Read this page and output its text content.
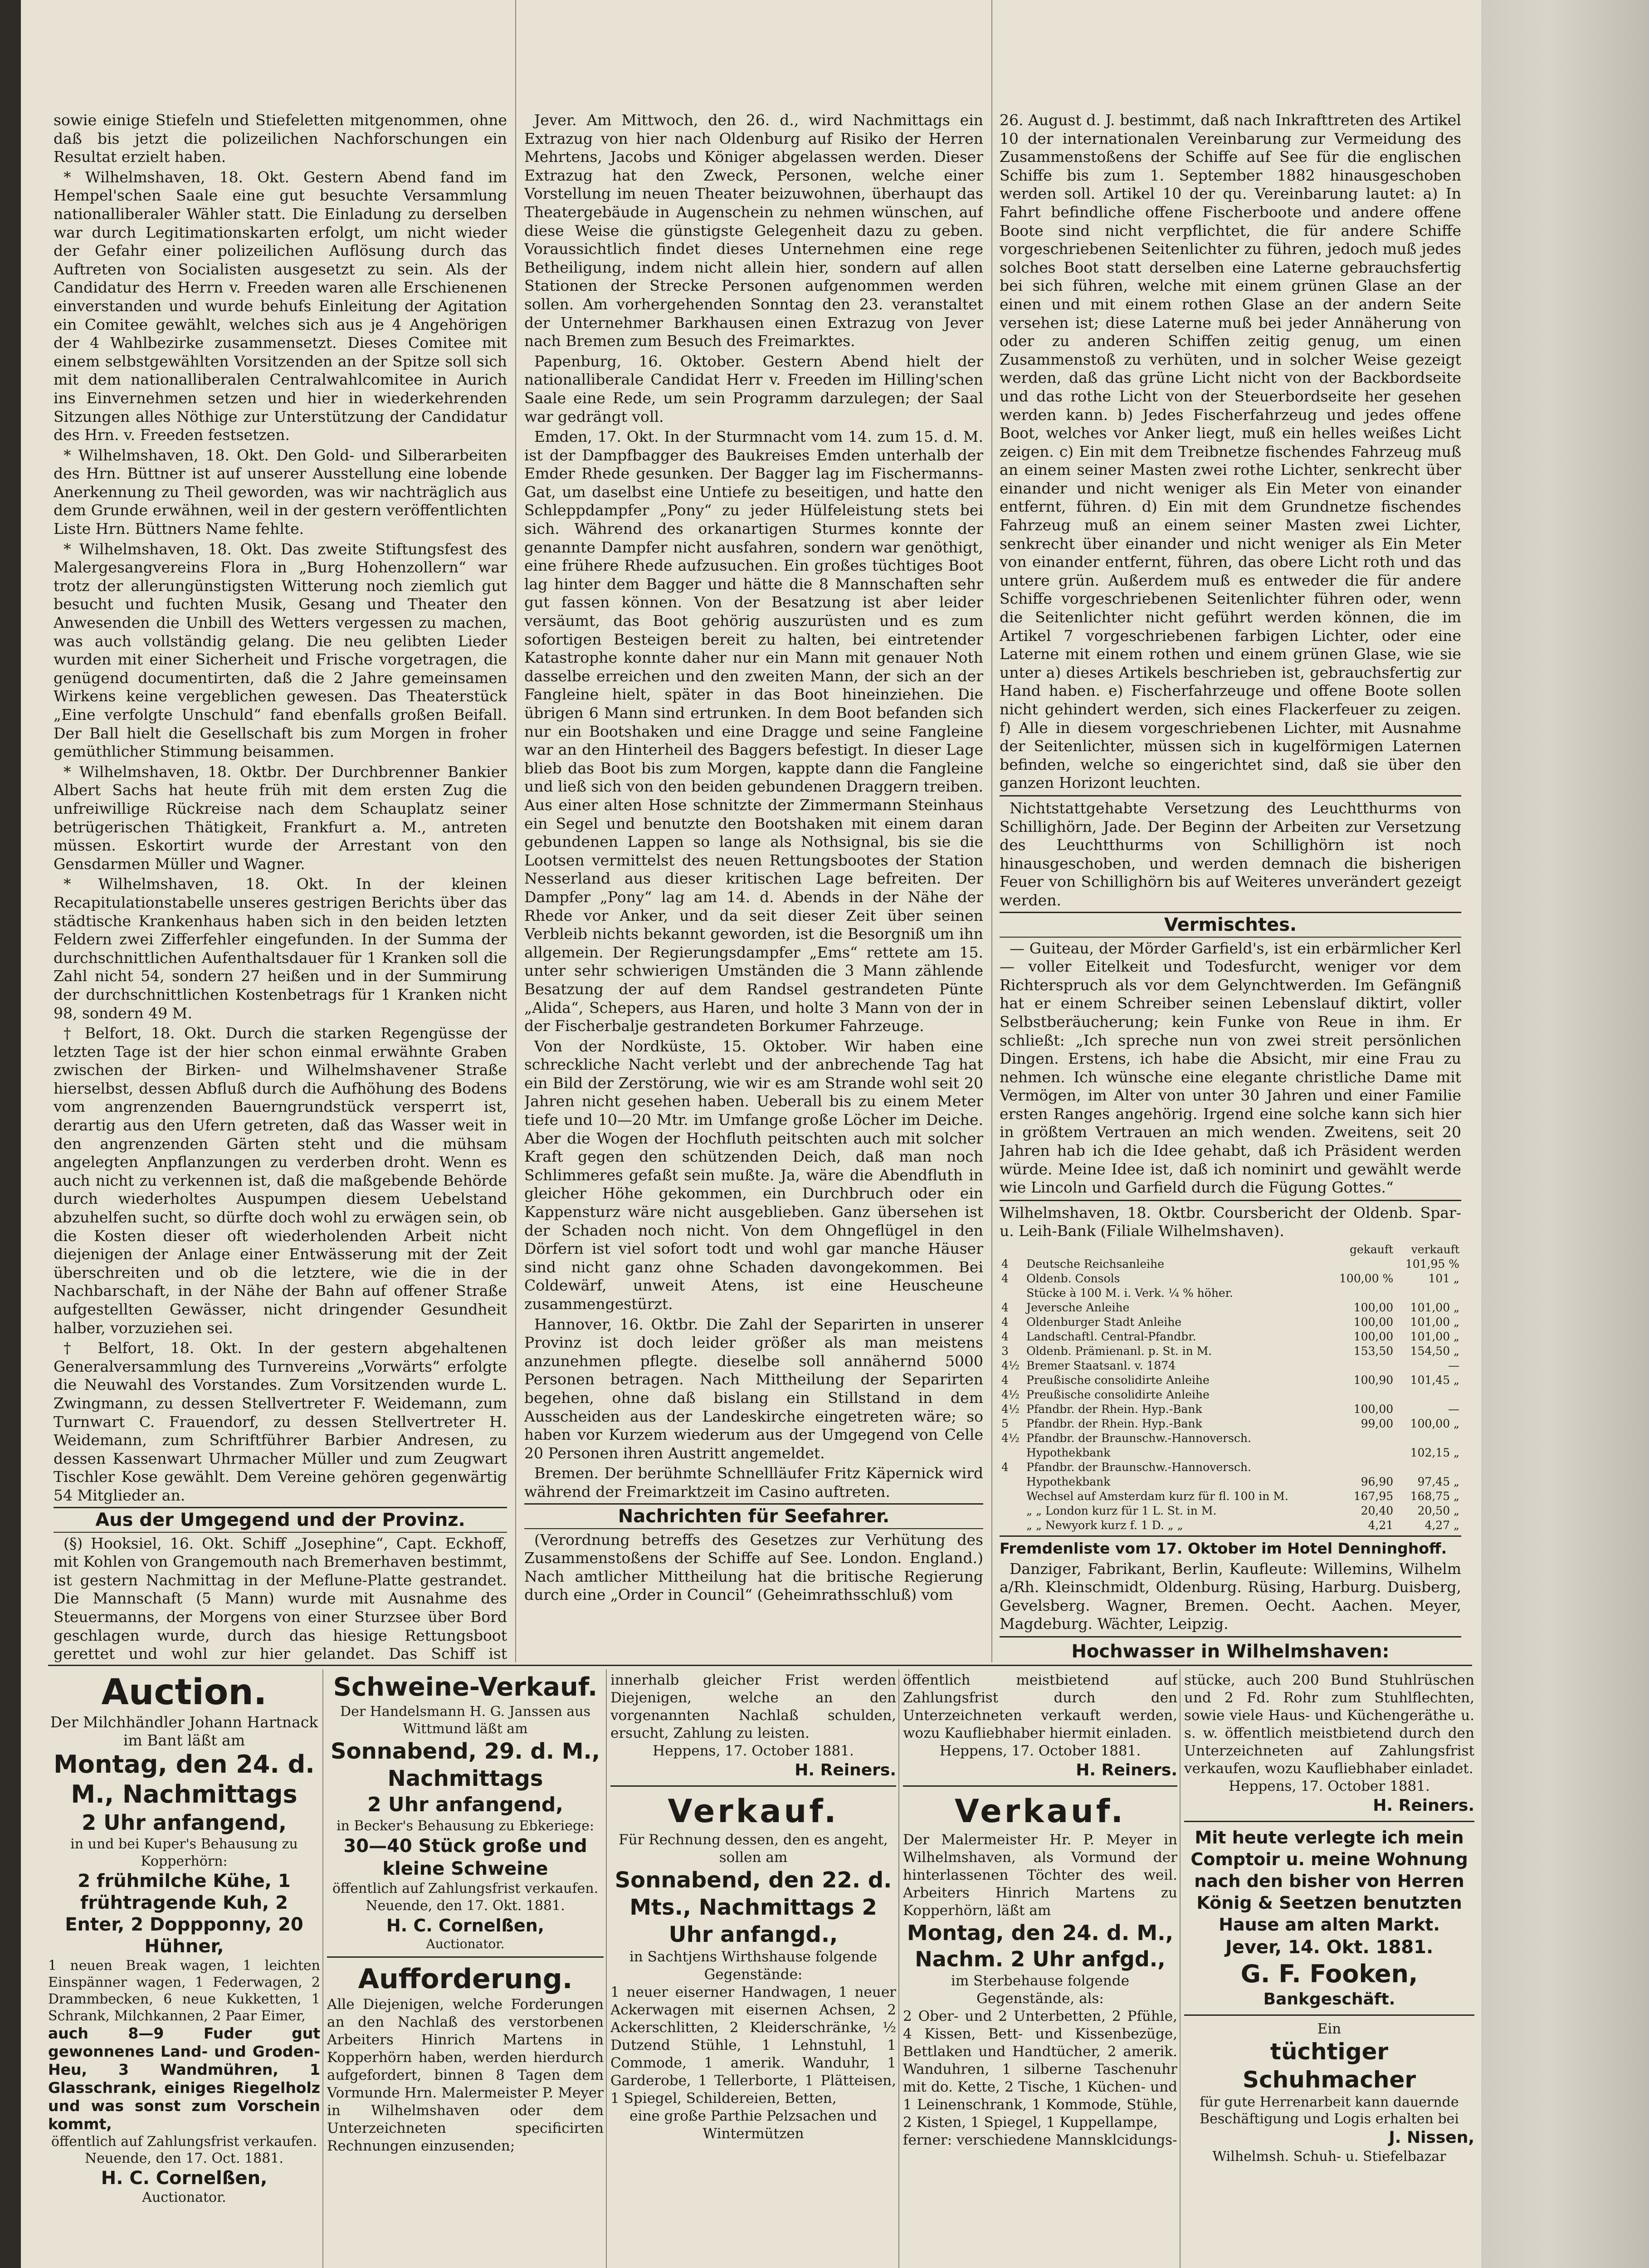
sowie einige Stiefeln und Stiefeletten mitgenommen, ohne daß bis jetzt die polizeilichen Nachforschungen ein Resultat erzielt haben.

* Wilhelmshaven, 18. Okt. Gestern Abend fand im Hempel'schen Saale eine gut besuchte Versammlung nationalliberaler Wähler statt. Die Einladung zu derselben war durch Legitimationskarten erfolgt, um nicht wieder der Gefahr einer polizeilichen Auflösung durch das Auftreten von Socialisten ausgesetzt zu sein. Als der Candidatur des Herrn v. Freeden waren alle Erschienenen einverstanden und wurde behufs Einleitung der Agitation ein Comitee gewählt, welches sich aus je 4 Angehörigen der 4 Wahlbezirke zusammensetzt. Dieses Comitee mit einem selbstgewählten Vorsitzenden an der Spitze soll sich mit dem nationalliberalen Centralwahlcomitee in Aurich ins Einvernehmen setzen und hier in wiederkehrenden Sitzungen alles Nöthige zur Unterstützung der Candidatur des Hrn. v. Freeden festsetzen.

* Wilhelmshaven, 18. Okt. Den Gold- und Silberarbeiten des Hrn. Büttner ist auf unserer Ausstellung eine lobende Anerkennung zu Theil geworden, was wir nachträglich aus dem Grunde erwähnen, weil in der gestern veröffentlichten Liste Hrn. Büttners Name fehlte.

* Wilhelmshaven, 18. Okt. Das zweite Stiftungsfest des Malergesangvereins Flora in „Burg Hohenzollern“ war trotz der allerungünstigsten Witterung noch ziemlich gut besucht und fuchten Musik, Gesang und Theater den Anwesenden die Unbill des Wetters vergessen zu machen, was auch vollständig gelang. Die neu gelibten Lieder wurden mit einer Sicherheit und Frische vorgetragen, die genügend documentirten, daß die 2 Jahre gemeinsamen Wirkens keine vergeblichen gewesen. Das Theaterstück „Eine verfolgte Unschuld“ fand ebenfalls großen Beifall. Der Ball hielt die Gesellschaft bis zum Morgen in froher gemüthlicher Stimmung beisammen.

* Wilhelmshaven, 18. Oktbr. Der Durchbrenner Bankier Albert Sachs hat heute früh mit dem ersten Zug die unfreiwillige Rückreise nach dem Schauplatz seiner betrügerischen Thätigkeit, Frankfurt a. M., antreten müssen. Eskortirt wurde der Arrestant von den Gensdarmen Müller und Wagner.

* Wilhelmshaven, 18. Okt. In der kleinen Recapitulationstabelle unseres gestrigen Berichts über das städtische Krankenhaus haben sich in den beiden letzten Feldern zwei Zifferfehler eingefunden. In der Summa der durchschnittlichen Aufenthaltsdauer für 1 Kranken soll die Zahl nicht 54, sondern 27 heißen und in der Summirung der durchschnittlichen Kostenbetrags für 1 Kranken nicht 98, sondern 49 M.

† Belfort, 18. Okt. Durch die starken Regengüsse der letzten Tage ist der hier schon einmal erwähnte Graben zwischen der Birken- und Wilhelmshavener Straße hierselbst, dessen Abfluß durch die Aufhöhung des Bodens vom angrenzenden Bauerngrundstück versperrt ist, derartig aus den Ufern getreten, daß das Wasser weit in den angrenzenden Gärten steht und die mühsam angelegten Anpflanzungen zu verderben droht. Wenn es auch nicht zu verkennen ist, daß die maßgebende Behörde durch wiederholtes Auspumpen diesem Uebelstand abzuhelfen sucht, so dürfte doch wohl zu erwägen sein, ob die Kosten dieser oft wiederholenden Arbeit nicht diejenigen der Anlage einer Entwässerung mit der Zeit überschreiten und ob die letztere, wie die in der Nachbarschaft, in der Nähe der Bahn auf offener Straße aufgestellten Gewässer, nicht dringender Gesundheit halber, vorzuziehen sei.

† Belfort, 18. Okt. In der gestern abgehaltenen Generalversammlung des Turnvereins „Vorwärts“ erfolgte die Neuwahl des Vorstandes. Zum Vorsitzenden wurde L. Zwingmann, zu dessen Stellvertreter F. Weidemann, zum Turnwart C. Frauendorf, zu dessen Stellvertreter H. Weidemann, zum Schriftführer Barbier Andresen, zu dessen Kassenwart Uhrmacher Müller und zum Zeugwart Tischler Kose gewählt. Dem Vereine gehören gegenwärtig 54 Mitglieder an.

Aus der Umgegend und der Provinz.

(§) Hooksiel, 16. Okt. Schiff „Josephine“, Capt. Eckhoff, mit Kohlen von Grangemouth nach Bremerhaven bestimmt, ist gestern Nachmittag in der Meflune-Platte gestrandet. Die Mannschaft (5 Mann) wurde mit Ausnahme des Steuermanns, der Morgens von einer Sturzsee über Bord geschlagen wurde, durch das hiesige Rettungsboot gerettet und wohl zur hier gelandet. Das Schiff ist

Jever. Am Mittwoch, den 26. d., wird Nachmittags ein Extrazug von hier nach Oldenburg auf Risiko der Herren Mehrtens, Jacobs und Königer abgelassen werden. Dieser Extrazug hat den Zweck, Personen, welche einer Vorstellung im neuen Theater beizuwohnen, überhaupt das Theatergebäude in Augenschein zu nehmen wünschen, auf diese Weise die günstigste Gelegenheit dazu zu geben. Voraussichtlich findet dieses Unternehmen eine rege Betheiligung, indem nicht allein hier, sondern auf allen Stationen der Strecke Personen aufgenommen werden sollen. Am vorhergehenden Sonntag den 23. veranstaltet der Unternehmer Barkhausen einen Extrazug von Jever nach Bremen zum Besuch des Freimarktes.

Papenburg, 16. Oktober. Gestern Abend hielt der nationalliberale Candidat Herr v. Freeden im Hilling'schen Saale eine Rede, um sein Programm darzulegen; der Saal war gedrängt voll.

Emden, 17. Okt. In der Sturmnacht vom 14. zum 15. d. M. ist der Dampfbagger des Baukreises Emden unterhalb der Emder Rhede gesunken. Der Bagger lag im Fischermanns-Gat, um daselbst eine Untiefe zu beseitigen, und hatte den Schleppdampfer „Pony“ zu jeder Hülfeleistung stets bei sich. Während des orkanartigen Sturmes konnte der genannte Dampfer nicht ausfahren, sondern war genöthigt, eine frühere Rhede aufzusuchen. Ein großes tüchtiges Boot lag hinter dem Bagger und hätte die 8 Mannschaften sehr gut fassen können. Von der Besatzung ist aber leider versäumt, das Boot gehörig auszurüsten und es zum sofortigen Besteigen bereit zu halten, bei eintretender Katastrophe konnte daher nur ein Mann mit genauer Noth dasselbe erreichen und den zweiten Mann, der sich an der Fangleine hielt, später in das Boot hineinziehen. Die übrigen 6 Mann sind ertrunken. In dem Boot befanden sich nur ein Bootshaken und eine Dragge und seine Fangleine war an den Hinterheil des Baggers befestigt. In dieser Lage blieb das Boot bis zum Morgen, kappte dann die Fangleine und ließ sich von den beiden gebundenen Draggern treiben. Aus einer alten Hose schnitzte der Zimmermann Steinhaus ein Segel und benutzte den Bootshaken mit einem daran gebundenen Lappen so lange als Nothsignal, bis sie die Lootsen vermittelst des neuen Rettungsbootes der Station Nesserland aus dieser kritischen Lage befreiten. Der Dampfer „Pony“ lag am 14. d. Abends in der Nähe der Rhede vor Anker, und da seit dieser Zeit über seinen Verbleib nichts bekannt geworden, ist die Besorgniß um ihn allgemein. Der Regierungsdampfer „Ems“ rettete am 15. unter sehr schwierigen Umständen die 3 Mann zählende Besatzung der auf dem Randsel gestrandeten Pünte „Alida“, Schepers, aus Haren, und holte 3 Mann von der in der Fischerbalje gestrandeten Borkumer Fahrzeuge.

Von der Nordküste, 15. Oktober. Wir haben eine schreckliche Nacht verlebt und der anbrechende Tag hat ein Bild der Zerstörung, wie wir es am Strande wohl seit 20 Jahren nicht gesehen haben. Ueberall bis zu einem Meter tiefe und 10—20 Mtr. im Umfange große Löcher im Deiche. Aber die Wogen der Hochfluth peitschten auch mit solcher Kraft gegen den schützenden Deich, daß man noch Schlimmeres gefaßt sein mußte. Ja, wäre die Abendfluth in gleicher Höhe gekommen, ein Durchbruch oder ein Kappensturz wäre nicht ausgeblieben. Ganz übersehen ist der Schaden noch nicht. Von dem Ohngeflügel in den Dörfern ist viel sofort todt und wohl gar manche Häuser sind nicht ganz ohne Schaden davongekommen. Bei Coldewärf, unweit Atens, ist eine Heuscheune zusammengestürzt.

Hannover, 16. Oktbr. Die Zahl der Separirten in unserer Provinz ist doch leider größer als man meistens anzunehmen pflegte. dieselbe soll annähernd 5000 Personen betragen. Nach Mittheilung der Separirten begehen, ohne daß bislang ein Stillstand in dem Ausscheiden aus der Landeskirche eingetreten wäre; so haben vor Kurzem wiederum aus der Umgegend von Celle 20 Personen ihren Austritt angemeldet.

Bremen. Der berühmte Schnellläufer Fritz Käpernick wird während der Freimarktzeit im Casino auftreten.

Nachrichten für Seefahrer.

(Verordnung betreffs des Gesetzes zur Verhütung des Zusammenstoßens der Schiffe auf See. London. England.) Nach amtlicher Mittheilung hat die britische Regierung durch eine „Order in Council“ (Geheimrathsschluß) vom

26. August d. J. bestimmt, daß nach Inkrafttreten des Artikel 10 der internationalen Vereinbarung zur Vermeidung des Zusammenstoßens der Schiffe auf See für die englischen Schiffe bis zum 1. September 1882 hinausgeschoben werden soll. Artikel 10 der qu. Vereinbarung lautet: a) In Fahrt befindliche offene Fischerboote und andere offene Boote sind nicht verpflichtet, die für andere Schiffe vorgeschriebenen Seitenlichter zu führen, jedoch muß jedes solches Boot statt derselben eine Laterne gebrauchsfertig bei sich führen, welche mit einem grünen Glase an der einen und mit einem rothen Glase an der andern Seite versehen ist; diese Laterne muß bei jeder Annäherung von oder zu anderen Schiffen zeitig genug, um einen Zusammenstoß zu verhüten, und in solcher Weise gezeigt werden, daß das grüne Licht nicht von der Backbordseite und das rothe Licht von der Steuerbordseite her gesehen werden kann. b) Jedes Fischerfahrzeug und jedes offene Boot, welches vor Anker liegt, muß ein helles weißes Licht zeigen. c) Ein mit dem Treibnetze fischendes Fahrzeug muß an einem seiner Masten zwei rothe Lichter, senkrecht über einander und nicht weniger als Ein Meter von einander entfernt, führen. d) Ein mit dem Grundnetze fischendes Fahrzeug muß an einem seiner Masten zwei Lichter, senkrecht über einander und nicht weniger als Ein Meter von einander entfernt, führen, das obere Licht roth und das untere grün. Außerdem muß es entweder die für andere Schiffe vorgeschriebenen Seitenlichter führen oder, wenn die Seitenlichter nicht geführt werden können, die im Artikel 7 vorgeschriebenen farbigen Lichter, oder eine Laterne mit einem rothen und einem grünen Glase, wie sie unter a) dieses Artikels beschrieben ist, gebrauchsfertig zur Hand haben. e) Fischerfahrzeuge und offene Boote sollen nicht gehindert werden, sich eines Flackerfeuer zu zeigen. f) Alle in diesem vorgeschriebenen Lichter, mit Ausnahme der Seitenlichter, müssen sich in kugelförmigen Laternen befinden, welche so eingerichtet sind, daß sie über den ganzen Horizont leuchten.

Nichtstattgehabte Versetzung des Leuchtthurms von Schillighörn, Jade. Der Beginn der Arbeiten zur Versetzung des Leuchtthurms von Schillighörn ist noch hinausgeschoben, und werden demnach die bisherigen Feuer von Schillighörn bis auf Weiteres unverändert gezeigt werden.

Vermischtes.

— Guiteau, der Mörder Garfield's, ist ein erbärmlicher Kerl — voller Eitelkeit und Todesfurcht, weniger vor dem Richterspruch als vor dem Gelynchtwerden. Im Gefängniß hat er einem Schreiber seinen Lebenslauf diktirt, voller Selbstberäucherung; kein Funke von Reue in ihm. Er schließt: „Ich spreche nun von zwei streit persönlichen Dingen. Erstens, ich habe die Absicht, mir eine Frau zu nehmen. Ich wünsche eine elegante christliche Dame mit Vermögen, im Alter von unter 30 Jahren und einer Familie ersten Ranges angehörig. Irgend eine solche kann sich hier in größtem Vertrauen an mich wenden. Zweitens, seit 20 Jahren hab ich die Idee gehabt, daß ich Präsident werden würde. Meine Idee ist, daß ich nominirt und gewählt werde wie Lincoln und Garfield durch die Fügung Gottes.“

Wilhelmshaven, 18. Oktbr. Coursbericht der Oldenb. Spar- u. Leih-Bank (Filiale Wilhelmshaven).

		gekauft	verkauft
4	Deutsche Reichsanleihe		101,95 %
4	Oldenb. Consols	100,00 %	101 „
	Stücke à 100 M. i. Verk. ¼ % höher.		
4	Jeversche Anleihe	100,00	101,00 „
4	Oldenburger Stadt Anleihe	100,00	101,00 „
4	Landschaftl. Central-Pfandbr.	100,00	101,00 „
3	Oldenb. Prämienanl. p. St. in M.	153,50	154,50 „
4½	Bremer Staatsanl. v. 1874		—
4	Preußische consolidirte Anleihe	100,90	101,45 „
4½	Preußische consolidirte Anleihe		
4½	Pfandbr. der Rhein. Hyp.-Bank	100,00	—
5	Pfandbr. der Rhein. Hyp.-Bank	99,00	100,00 „
4½	Pfandbr. der Braunschw.-Hannoversch.		
	Hypothekbank		102,15 „
4	Pfandbr. der Braunschw.-Hannoversch.		
	Hypothekbank	96,90	97,45 „
	Wechsel auf Amsterdam kurz für fl. 100 in M.	167,95	168,75 „
	„ „ London kurz für 1 L. St. in M.	20,40	20,50 „
	„ „ Newyork kurz f. 1 D. „ „	4,21	4,27 „

Fremdenliste vom 17. Oktober im Hotel Denninghoff.

Danziger, Fabrikant, Berlin, Kaufleute: Willemins, Wilhelm a/Rh. Kleinschmidt, Oldenburg. Rüsing, Harburg. Duisberg, Gevelsberg. Wagner, Bremen. Oecht. Aachen. Meyer, Magdeburg. Wächter, Leipzig.

Hochwasser in Wilhelmshaven:

Auction.

Der Milchhändler Johann Hartnack im Bant läßt am

Montag, den 24. d. M., Nachmittags

2 Uhr anfangend,

in und bei Kuper's Behausung zu Kopperhörn:

2 frühmilche Kühe, 1 frühtragende Kuh, 2 Enter, 2 Doppponny, 20 Hühner,

1 neuen Break wagen, 1 leichten Einspänner wagen, 1 Federwagen, 2 Drammbecken, 6 neue Kukketten, 1 Schrank, Milchkannen, 2 Paar Eimer,

auch 8—9 Fuder gut gewonnenes Land- und Groden-Heu, 3 Wandmühren, 1 Glasschrank, einiges Riegelholz und was sonst zum Vorschein kommt,

öffentlich auf Zahlungsfrist verkaufen.

Neuende, den 17. Oct. 1881.

H. C. Cornelßen,

Auctionator.

Schweine-Verkauf.

Der Handelsmann H. G. Janssen aus Wittmund läßt am

Sonnabend, 29. d. M., Nachmittags

2 Uhr anfangend,

in Becker's Behausung zu Ebkeriege:

30—40 Stück große und kleine Schweine

öffentlich auf Zahlungsfrist verkaufen.

Neuende, den 17. Okt. 1881.

H. C. Cornelßen,

Auctionator.

Aufforderung.

Alle Diejenigen, welche Forderungen an den Nachlaß des verstorbenen Arbeiters Hinrich Martens in Kopperhörn haben, werden hierdurch aufgefordert, binnen 8 Tagen dem Vormunde Hrn. Malermeister P. Meyer in Wilhelmshaven oder dem Unterzeichneten specificirten Rechnungen einzusenden;

innerhalb gleicher Frist werden Diejenigen, welche an den vorgenannten Nachlaß schulden, ersucht, Zahlung zu leisten.

Heppens, 17. October 1881.

H. Reiners.

Verkauf.

Für Rechnung dessen, den es angeht, sollen am

Sonnabend, den 22. d. Mts., Nachmittags 2 Uhr anfangd.,

in Sachtjens Wirthshause folgende Gegenstände:

1 neuer eiserner Handwagen, 1 neuer Ackerwagen mit eisernen Achsen, 2 Ackerschlitten, 2 Kleiderschränke, ½ Dutzend Stühle, 1 Lehnstuhl, 1 Commode, 1 amerik. Wanduhr, 1 Garderobe, 1 Tellerborte, 1 Plätteisen, 1 Spiegel, Schildereien, Betten,

eine große Parthie Pelzsachen und Wintermützen

öffentlich meistbietend auf Zahlungsfrist durch den Unterzeichneten verkauft werden, wozu Kaufliebhaber hiermit einladen.

Heppens, 17. October 1881.

H. Reiners.

Verkauf.

Der Malermeister Hr. P. Meyer in Wilhelmshaven, als Vormund der hinterlassenen Töchter des weil. Arbeiters Hinrich Martens zu Kopperhörn, läßt am

Montag, den 24. d. M., Nachm. 2 Uhr anfgd.,

im Sterbehause folgende Gegenstände, als:

2 Ober- und 2 Unterbetten, 2 Pfühle, 4 Kissen, Bett- und Kissenbezüge, Bettlaken und Handtücher, 2 amerik. Wanduhren, 1 silberne Taschenuhr mit do. Kette, 2 Tische, 1 Küchen- und 1 Leinenschrank, 1 Kommode, Stühle, 2 Kisten, 1 Spiegel, 1 Kuppellampe,

ferner: verschiedene Mannsklcidungs-

stücke, auch 200 Bund Stuhlrüschen und 2 Fd. Rohr zum Stuhlflechten, sowie viele Haus- und Küchengeräthe u. s. w. öffentlich meistbietend durch den Unterzeichneten auf Zahlungsfrist verkaufen, wozu Kaufliebhaber einladet.

Heppens, 17. October 1881.

H. Reiners.

Mit heute verlegte ich mein Comptoir u. meine Wohnung nach den bisher von Herren König & Seetzen benutzten Hause am alten Markt.

Jever, 14. Okt. 1881.

G. F. Fooken,

Bankgeschäft.

Ein

tüchtiger Schuhmacher

für gute Herrenarbeit kann dauernde Beschäftigung und Logis erhalten bei

J. Nissen,

Wilhelmsh. Schuh- u. Stiefelbazar
